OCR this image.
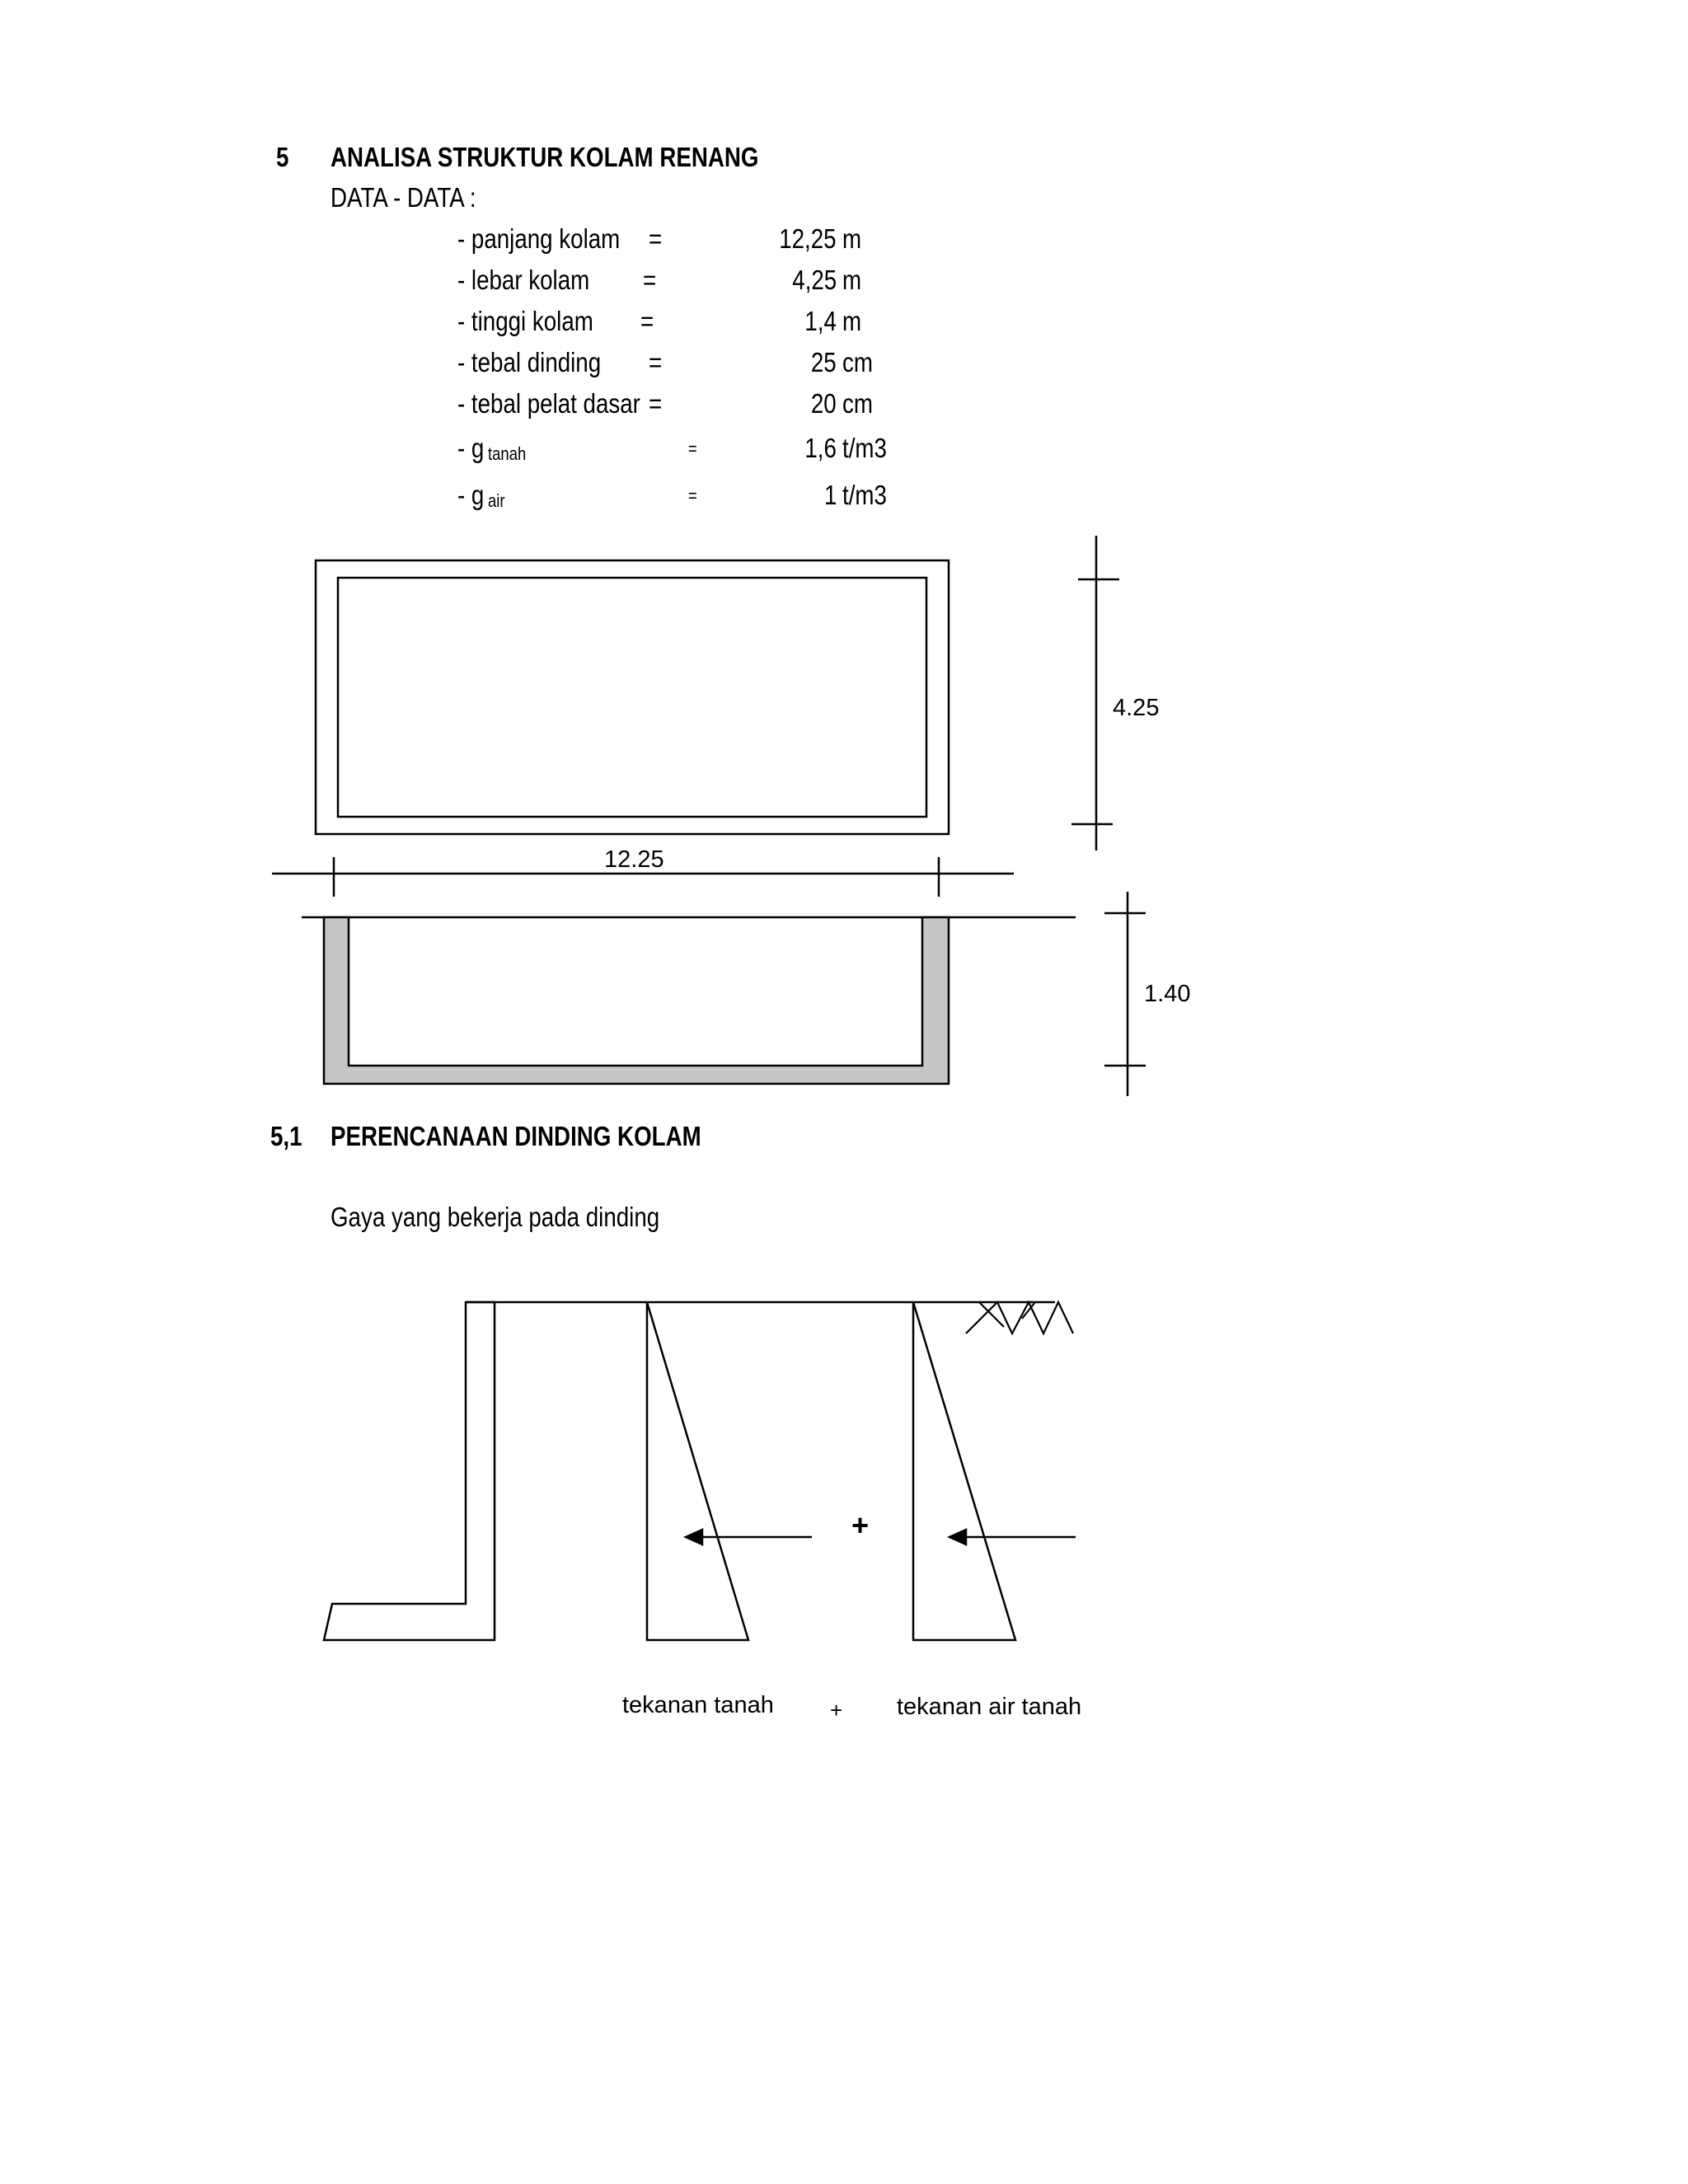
5 ANALISA STRUKTUR KOLAM RENANG
DATA - DATA :
- panjang kolam	=	12,25 m
- lebar kolam	=	4,25 m
- tinggi kolam	=	1,4 m
- tebal dinding	=	25 cm
- tebal pelat dasar =	20 cm
- g tanah	=	1,6 t/m3
- g air	=	1 t/m3
12.25
4.25
1.40
5,1 PERENCANAAN DINDING KOLAM
Gaya yang bekerja pada dinding
+
tekanan tanah	+ tekanan air tanah
